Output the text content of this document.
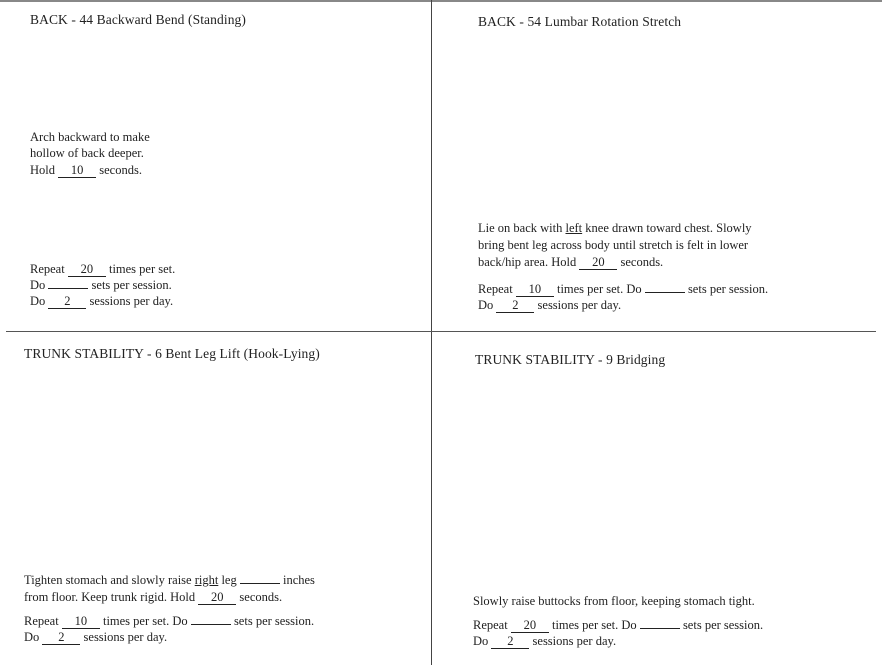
BACK - 44 Backward Bend (Standing)
Arch backward to make
hollow of back deeper.
Hold 10 seconds.
Repeat 20 times per set.
Do	sets per session.
Do 2 sessions per day.
BACK - 54 Lumbar Rotation Stretch
Lie on back with left knee drawn toward chest. Slowly
bring bent leg across body until stretch is felt in lower
back/hip area. Hold 20 seconds.
Repeat 10 times per set. Do	sets per session.
Do 2 sessions per day.
TRUNK STABILITY - 6 Bent Leg Lift (Hook-Lying)
Tighten stomach and slowly raise right leg	inches
from floor. Keep trunk rigid. Hold 20 seconds.
Repeat 10 times per set. Do	sets per session.
Do 2 sessions per day.
TRUNK STABILITY - 9 Bridging
Slowly raise buttocks from floor, keeping stomach tight.
Repeat 20 times per set. Do	sets per session.
Do 2 sessions per day.
